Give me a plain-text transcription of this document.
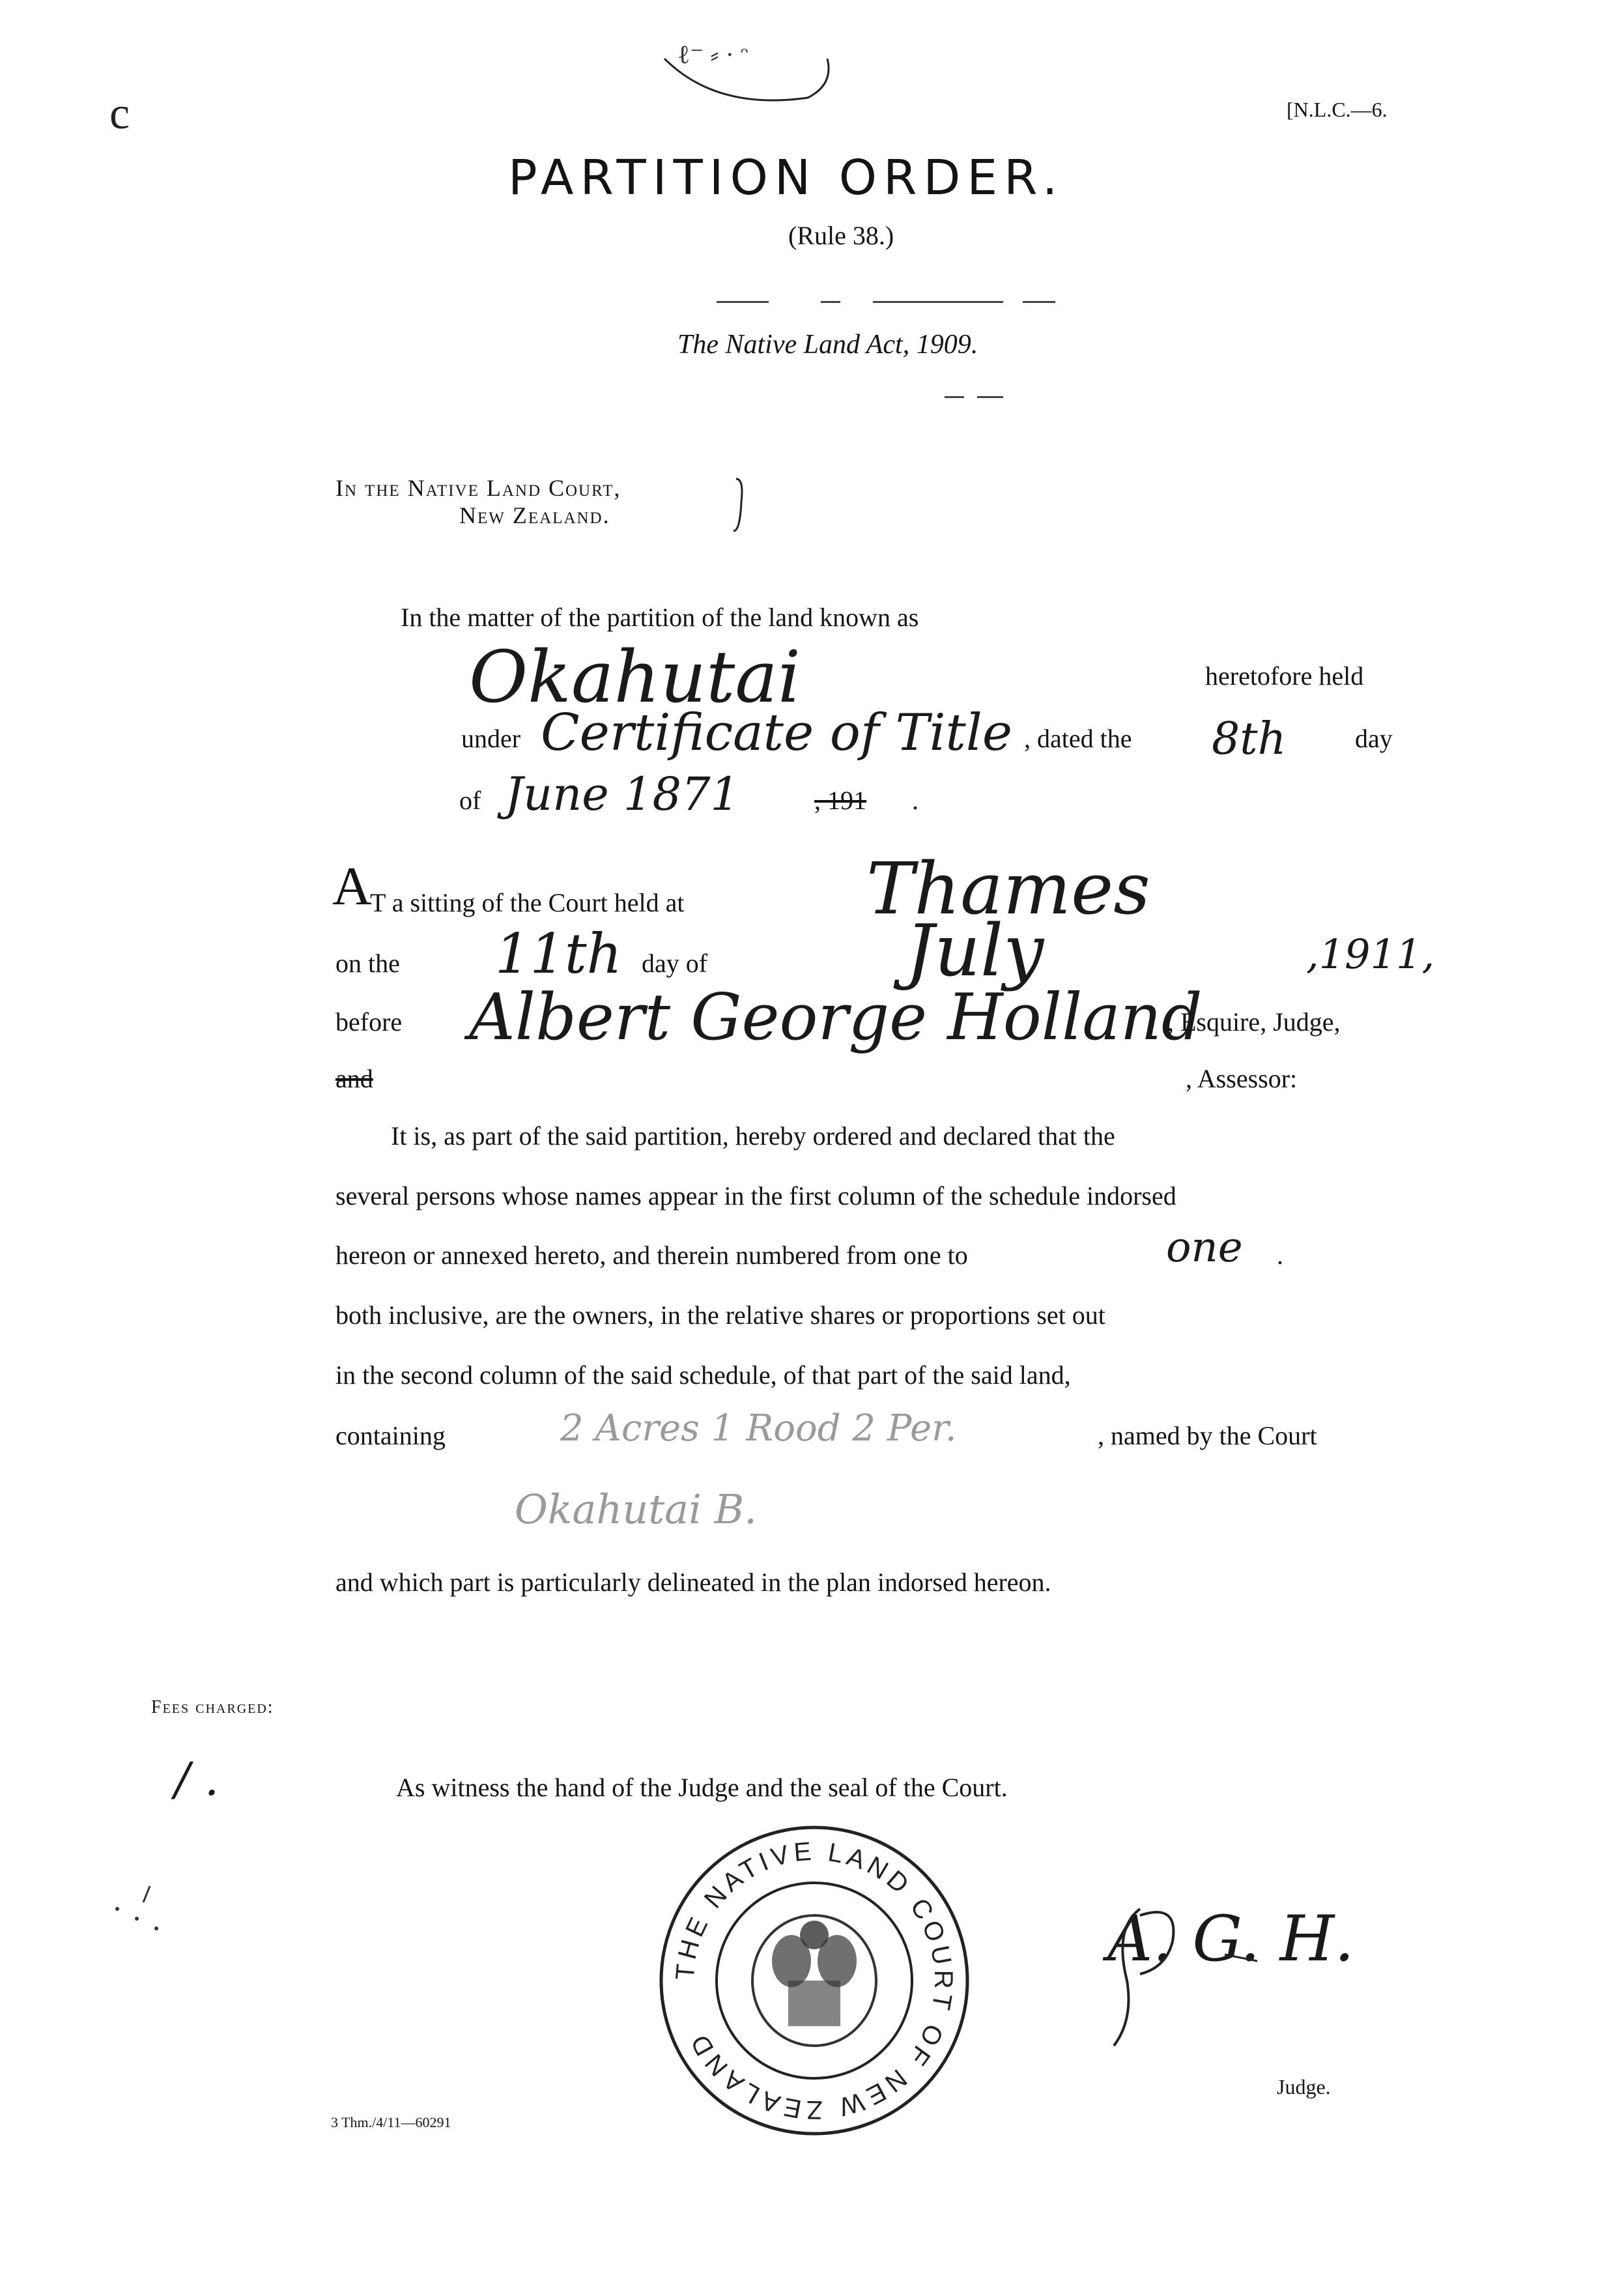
c
ℓ⁻ ⸗ · ᵔ
[N.L.C.—6.
PARTITION ORDER.
(Rule 38.)
The Native Land Act, 1909.
In the Native Land Court,
New Zealand.
In the matter of the partition of the land known as
Okahutai	heretofore held
under Certificate of Title , dated the 8th	day
of June 1871	, 191 .
A
T a sitting of the Court held at	Thames
on the 11th day of	July	,1911,
before Albert George Holland
, Esquire, Judge,
and	, Assessor:
It is, as part of the said partition, hereby ordered and declared that the
several persons whose names appear in the first column of the schedule indorsed
hereon or annexed hereto, and therein numbered from one to	one .
both inclusive, are the owners, in the relative shares or proportions set out
in the second column of the said schedule, of that part of the said land,
containing	2 Acres 1 Rood 2 Per.	, named by the Court
Okahutai B.
and which part is particularly delineated in the plan indorsed hereon.
Fees charged:
/ .	As witness the hand of the Judge and the seal of the Court.
THE NATIVE LAND COURT OF NEW ZEALAND
A. G. H.
Judge.
3 Thm./4/11—60291
